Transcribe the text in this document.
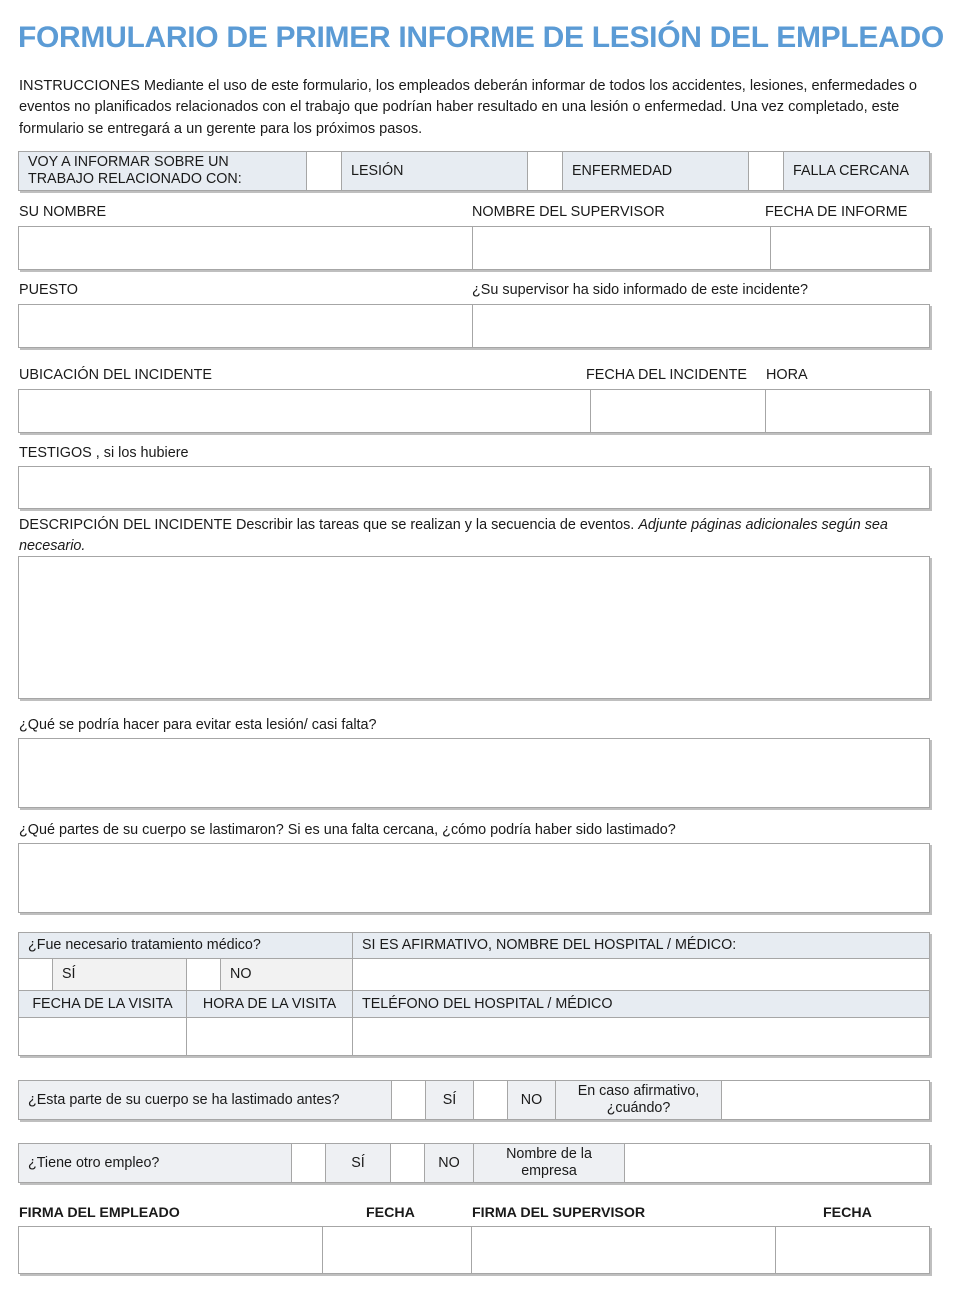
FORMULARIO DE PRIMER INFORME DE LESIÓN DEL EMPLEADO
INSTRUCCIONES Mediante el uso de este formulario, los empleados deberán informar de todos los accidentes, lesiones, enfermedades o eventos no planificados relacionados con el trabajo que podrían haber resultado en una lesión o enfermedad. Una vez completado, este formulario se entregará a un gerente para los próximos pasos.
VOY A INFORMAR SOBRE UN
TRABAJO RELACIONADO CON:
LESIÓN	ENFERMEDAD	FALLA CERCANA
SU NOMBRE	NOMBRE DEL SUPERVISOR	FECHA DE INFORME
PUESTO	¿Su supervisor ha sido informado de este incidente?
UBICACIÓN DEL INCIDENTE	FECHA DEL INCIDENTE HORA
TESTIGOS , si los hubiere
DESCRIPCIÓN DEL INCIDENTE Describir las tareas que se realizan y la secuencia de eventos. Adjunte páginas adicionales según sea necesario.
¿Qué se podría hacer para evitar esta lesión/ casi falta?
¿Qué partes de su cuerpo se lastimaron? Si es una falta cercana, ¿cómo podría haber sido lastimado?
¿Fue necesario tratamiento médico?	SI ES AFIRMATIVO, NOMBRE DEL HOSPITAL / MÉDICO:
SÍ	NO
FECHA DE LA VISITA	HORA DE LA VISITA	TELÉFONO DEL HOSPITAL / MÉDICO
¿Esta parte de su cuerpo se ha lastimado antes?	SÍ	NO
En caso afirmativo,
¿cuándo?
¿Tiene otro empleo?	SÍ	NO
Nombre de la
empresa
FIRMA DEL EMPLEADO	FECHA	FIRMA DEL SUPERVISOR	FECHA
